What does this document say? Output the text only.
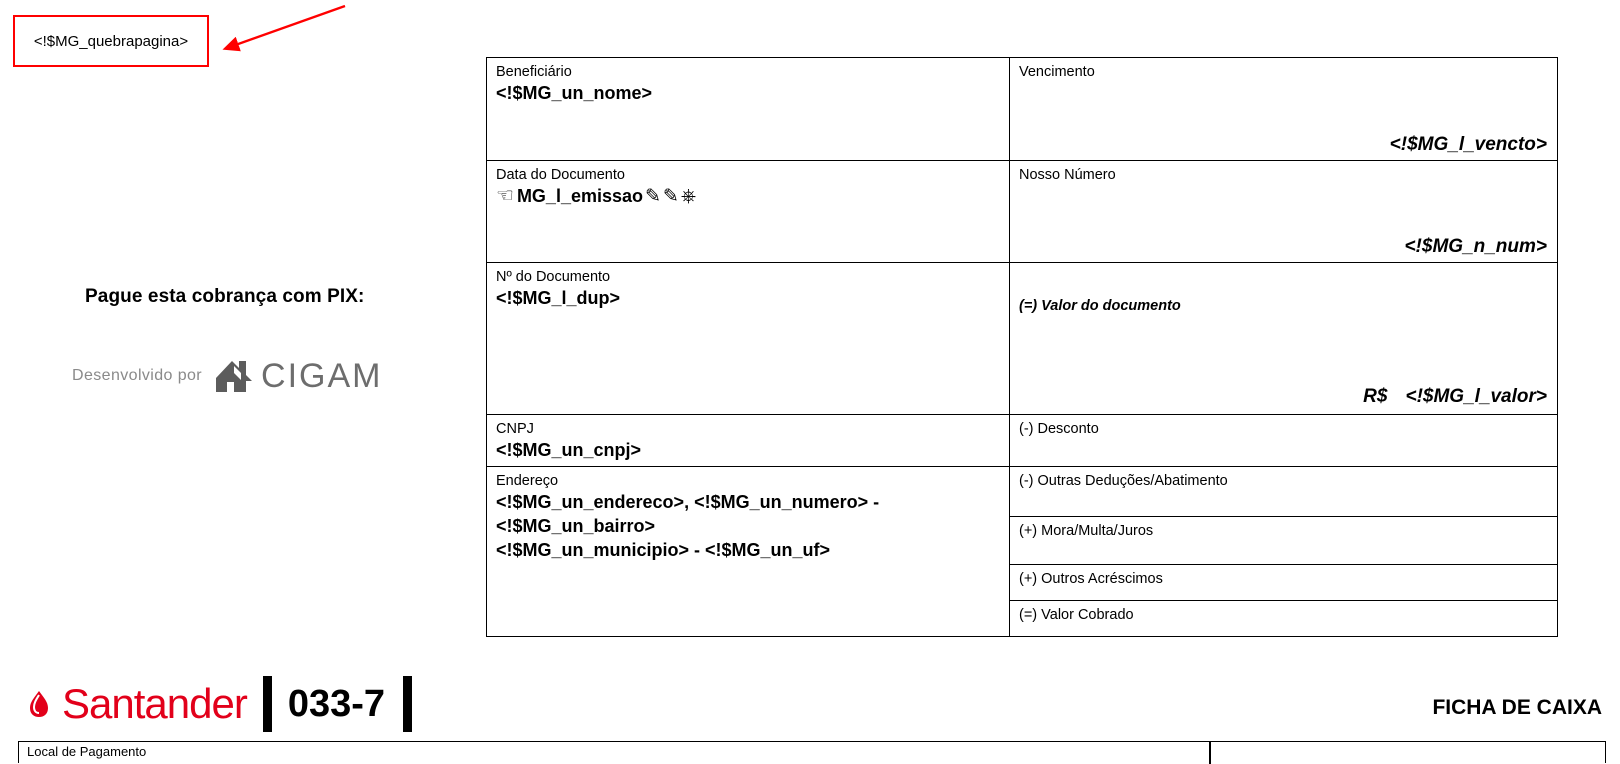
<!$MG_quebrapagina>
Pague esta cobrança com PIX:
Desenvolvido por CIGAM
Beneficiário
<!$MG_un_nome>
Vencimento
<!$MG_l_vencto>
Data do Documento
☜ MG_l_emissao ✎ ✎ ⎈
Nosso Número
<!$MG_n_num>
Nº do Documento
<!$MG_l_dup>	(=) Valor do documento
R$ <!$MG_l_valor>
CNPJ
<!$MG_un_cnpj>
(-) Desconto
Endereço
<!$MG_un_endereco>, <!$MG_un_numero> - <!$MG_un_bairro>
<!$MG_un_municipio> - <!$MG_un_uf>
(-) Outras Deduções/Abatimento
(+) Mora/Multa/Juros
(+) Outros Acréscimos
(=) Valor Cobrado
Santander 033-7	FICHA DE CAIXA
Local de Pagamento
